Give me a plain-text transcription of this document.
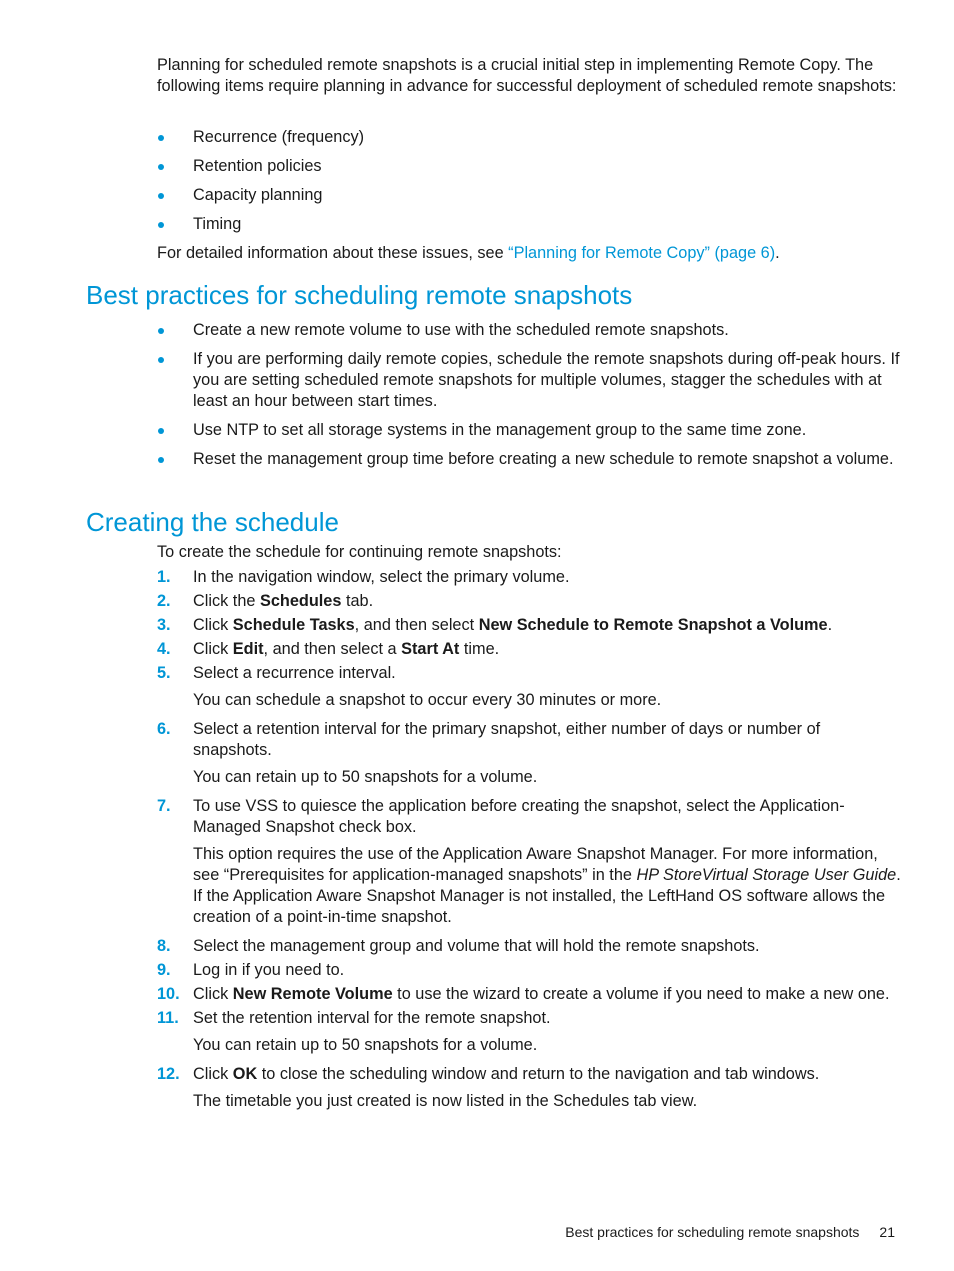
Planning for scheduled remote snapshots is a crucial initial step in implementing Remote Copy. The following items require planning in advance for successful deployment of scheduled remote snapshots:

Recurrence (frequency)
Retention policies
Capacity planning
Timing

For detailed information about these issues, see “Planning for Remote Copy” (page 6).

Best practices for scheduling remote snapshots
Create a new remote volume to use with the scheduled remote snapshots.
If you are performing daily remote copies, schedule the remote snapshots during off-peak hours. If you are setting scheduled remote snapshots for multiple volumes, stagger the schedules with at least an hour between start times.
Use NTP to set all storage systems in the management group to the same time zone.
Reset the management group time before creating a new schedule to remote snapshot a volume.
Creating the schedule

To create the schedule for continuing remote snapshots:

1. In the navigation window, select the primary volume.

2. Click the Schedules tab.

3. Click Schedule Tasks, and then select New Schedule to Remote Snapshot a Volume.

4. Click Edit, and then select a Start At time.

5. Select a recurrence interval.

You can schedule a snapshot to occur every 30 minutes or more.

6. Select a retention interval for the primary snapshot, either number of days or number of snapshots.

You can retain up to 50 snapshots for a volume.

7. To use VSS to quiesce the application before creating the snapshot, select the Application-Managed Snapshot check box.

This option requires the use of the Application Aware Snapshot Manager. For more information, see “Prerequisites for application-managed snapshots” in the HP StoreVirtual Storage User Guide. If the Application Aware Snapshot Manager is not installed, the LeftHand OS software allows the creation of a point-in-time snapshot.

8. Select the management group and volume that will hold the remote snapshots.

9. Log in if you need to.

10. Click New Remote Volume to use the wizard to create a volume if you need to make a new one.

11. Set the retention interval for the remote snapshot.

You can retain up to 50 snapshots for a volume.

12. Click OK to close the scheduling window and return to the navigation and tab windows.

The timetable you just created is now listed in the Schedules tab view.

Best practices for scheduling remote snapshots 21
